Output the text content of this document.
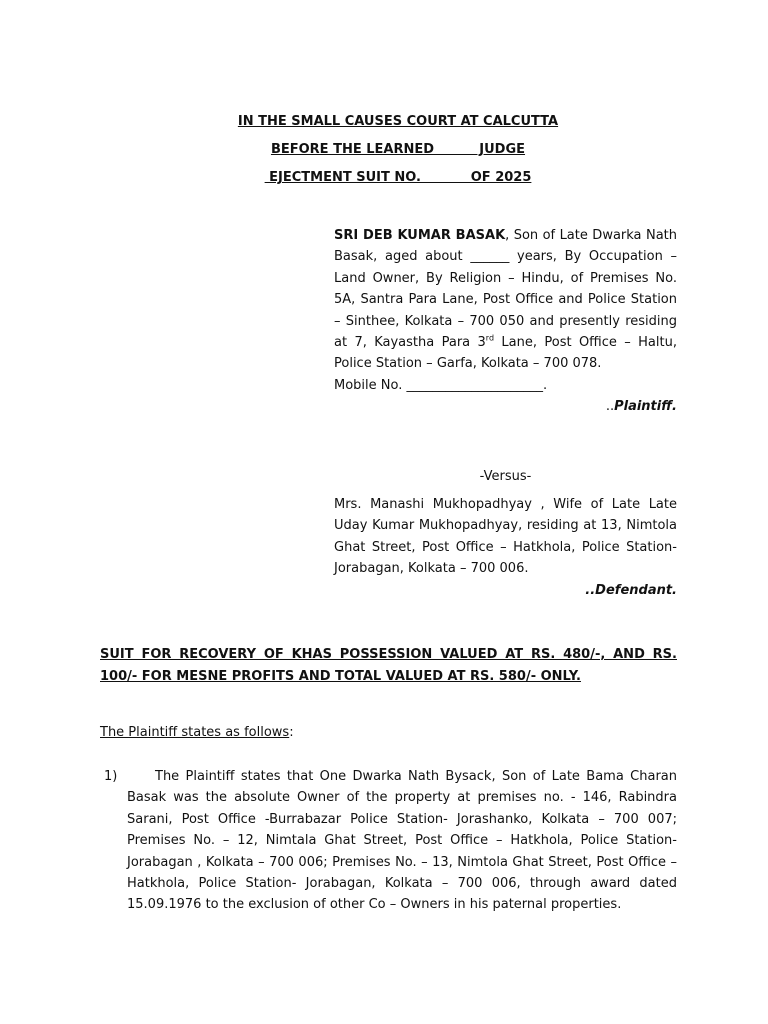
IN THE SMALL CAUSES COURT AT CALCUTTA
BEFORE THE LEARNED          JUDGE
EJECTMENT SUIT NO.           OF 2025

SRI DEB KUMAR BASAK, Son of Late Dwarka Nath Basak, aged about ______ years, By Occupation – Land Owner, By Religion – Hindu, of Premises No. 5A, Santra Para Lane, Post Office and Police Station – Sinthee, Kolkata – 700 050 and presently residing at 7, Kayastha Para 3rd Lane, Post Office – Haltu, Police Station – Garfa, Kolkata – 700 078.

Mobile No. _____________________.

..Plaintiff.

-Versus-

Mrs. Manashi Mukhopadhyay , Wife of Late Late Uday Kumar Mukhopadhyay, residing at 13, Nimtola Ghat Street, Post Office – Hatkhola, Police Station- Jorabagan, Kolkata – 700 006.

..Defendant.

SUIT FOR RECOVERY OF KHAS POSSESSION VALUED AT RS. 480/-, AND RS. 100/- FOR MESNE PROFITS AND TOTAL VALUED AT RS. 580/- ONLY.
The Plaintiff states as follows:
1)	The Plaintiff states that One Dwarka Nath Bysack, Son of Late Bama Charan Basak was the absolute Owner of the property at premises no. - 146, Rabindra Sarani, Post Office -Burrabazar Police Station- Jorashanko, Kolkata – 700 007; Premises No. – 12, Nimtala Ghat Street, Post Office – Hatkhola, Police Station- Jorabagan , Kolkata – 700 006; Premises No. – 13, Nimtola Ghat Street, Post Office –Hatkhola, Police Station- Jorabagan, Kolkata – 700 006, through award dated 15.09.1976 to the exclusion of other Co – Owners in his paternal properties.
